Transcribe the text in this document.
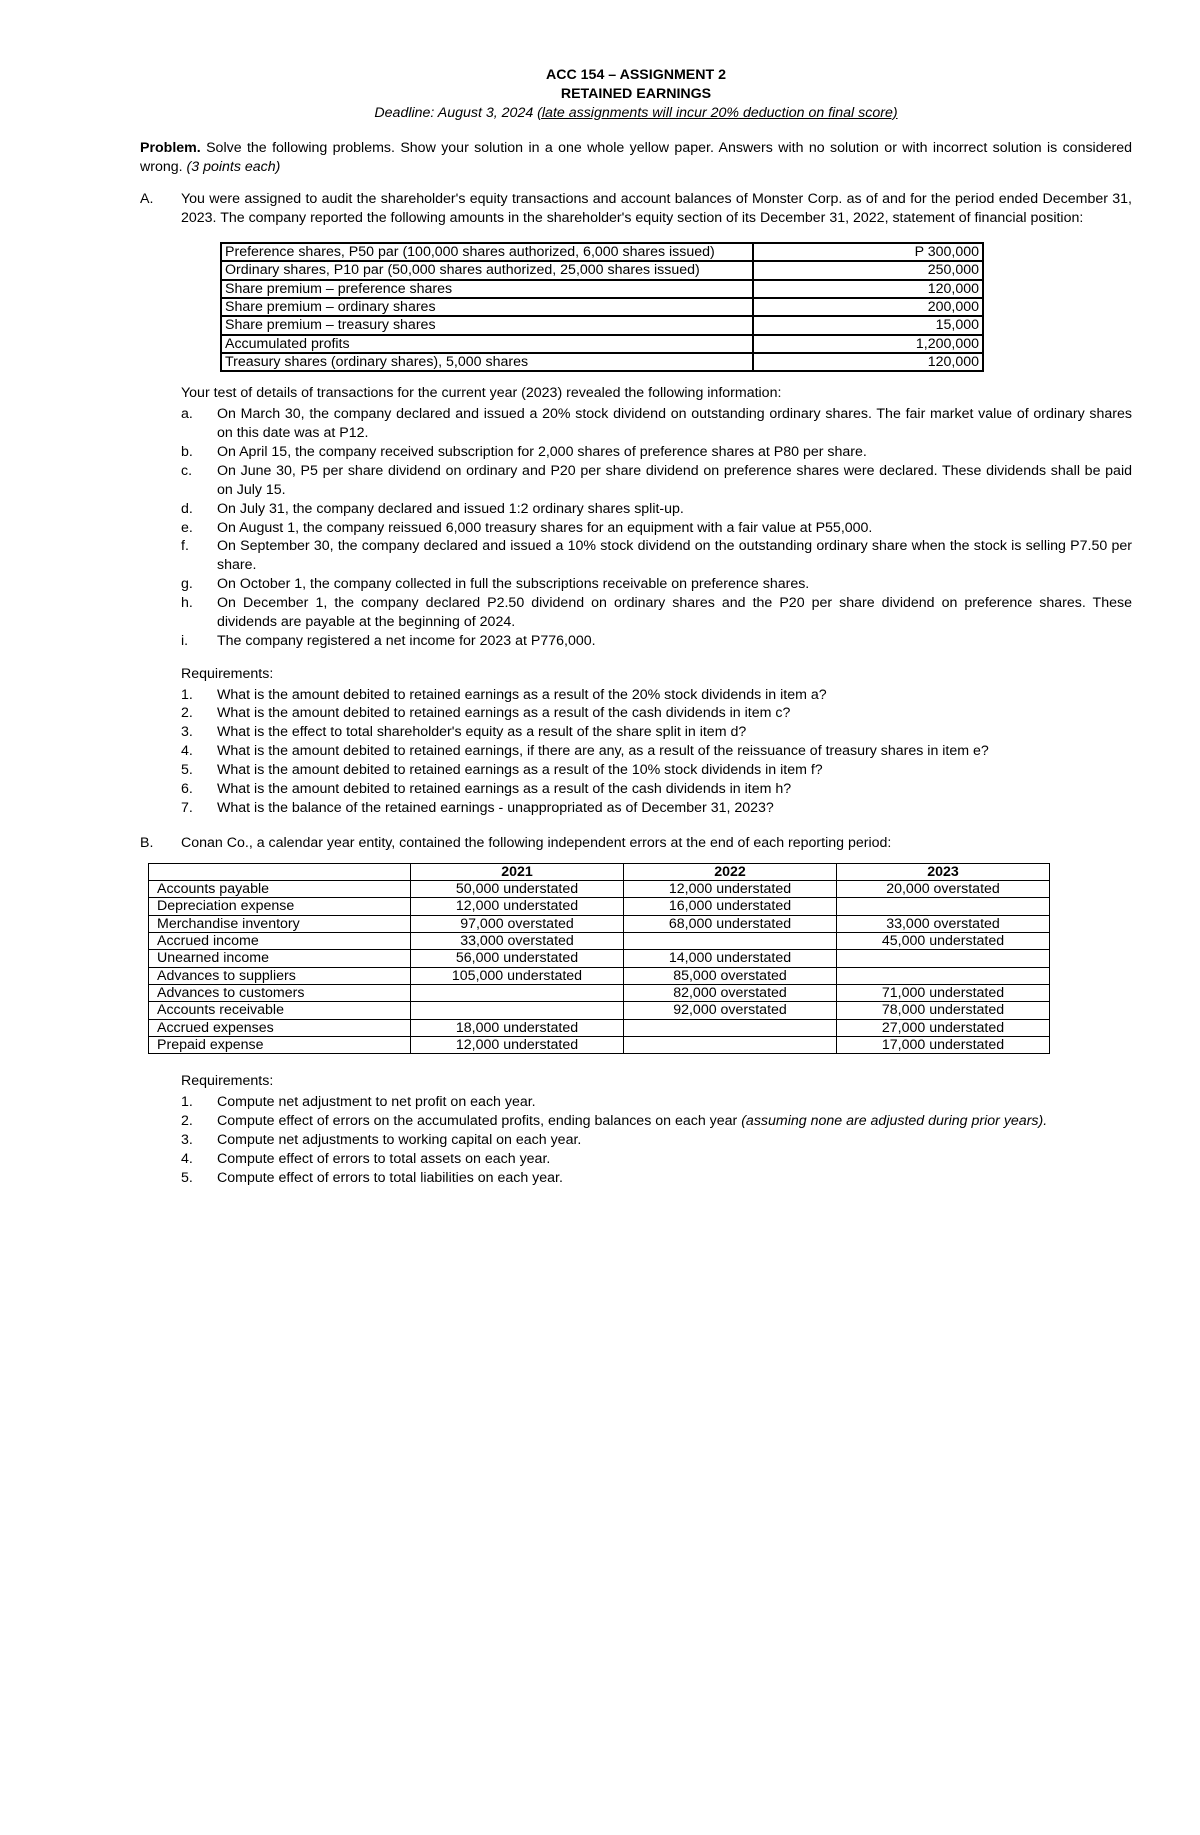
ACC 154 – ASSIGNMENT 2
RETAINED EARNINGS
Deadline: August 3, 2024 (late assignments will incur 20% deduction on final score)
Problem. Solve the following problems. Show your solution in a one whole yellow paper. Answers with no solution or with incorrect solution is considered wrong. (3 points each)
A.	You were assigned to audit the shareholder's equity transactions and account balances of Monster Corp. as of and for the period ended December 31, 2023. The company reported the following amounts in the shareholder's equity section of its December 31, 2022, statement of financial position:
Preference shares, P50 par (100,000 shares authorized, 6,000 shares issued)	P 300,000
Ordinary shares, P10 par (50,000 shares authorized, 25,000 shares issued)	250,000
Share premium – preference shares	120,000
Share premium – ordinary shares	200,000
Share premium – treasury shares	15,000
Accumulated profits	1,200,000
Treasury shares (ordinary shares), 5,000 shares	120,000
Your test of details of transactions for the current year (2023) revealed the following information:
a.	On March 30, the company declared and issued a 20% stock dividend on outstanding ordinary shares. The fair market value of ordinary shares on this date was at P12.
b.	On April 15, the company received subscription for 2,000 shares of preference shares at P80 per share.
c.	On June 30, P5 per share dividend on ordinary and P20 per share dividend on preference shares were declared. These dividends shall be paid on July 15.
d.	On July 31, the company declared and issued 1:2 ordinary shares split-up.
e.	On August 1, the company reissued 6,000 treasury shares for an equipment with a fair value at P55,000.
f.	On September 30, the company declared and issued a 10% stock dividend on the outstanding ordinary share when the stock is selling P7.50 per share.
g.	On October 1, the company collected in full the subscriptions receivable on preference shares.
h.	On December 1, the company declared P2.50 dividend on ordinary shares and the P20 per share dividend on preference shares. These dividends are payable at the beginning of 2024.
i.	The company registered a net income for 2023 at P776,000.
Requirements:
1.	What is the amount debited to retained earnings as a result of the 20% stock dividends in item a?
2.	What is the amount debited to retained earnings as a result of the cash dividends in item c?
3.	What is the effect to total shareholder's equity as a result of the share split in item d?
4.	What is the amount debited to retained earnings, if there are any, as a result of the reissuance of treasury shares in item e?
5.	What is the amount debited to retained earnings as a result of the 10% stock dividends in item f?
6.	What is the amount debited to retained earnings as a result of the cash dividends in item h?
7.	What is the balance of the retained earnings - unappropriated as of December 31, 2023?
B.	Conan Co., a calendar year entity, contained the following independent errors at the end of each reporting period:
	2021	2022	2023
Accounts payable	50,000 understated	12,000 understated	20,000 overstated
Depreciation expense	12,000 understated	16,000 understated	
Merchandise inventory	97,000 overstated	68,000 understated	33,000 overstated
Accrued income	33,000 overstated		45,000 understated
Unearned income	56,000 understated	14,000 understated	
Advances to suppliers	105,000 understated	85,000 overstated	
Advances to customers		82,000 overstated	71,000 understated
Accounts receivable		92,000 overstated	78,000 understated
Accrued expenses	18,000 understated		27,000 understated
Prepaid expense	12,000 understated		17,000 understated
Requirements:
1.	Compute net adjustment to net profit on each year.
2.	Compute effect of errors on the accumulated profits, ending balances on each year (assuming none are adjusted during prior years).
3.	Compute net adjustments to working capital on each year.
4.	Compute effect of errors to total assets on each year.
5.	Compute effect of errors to total liabilities on each year.
